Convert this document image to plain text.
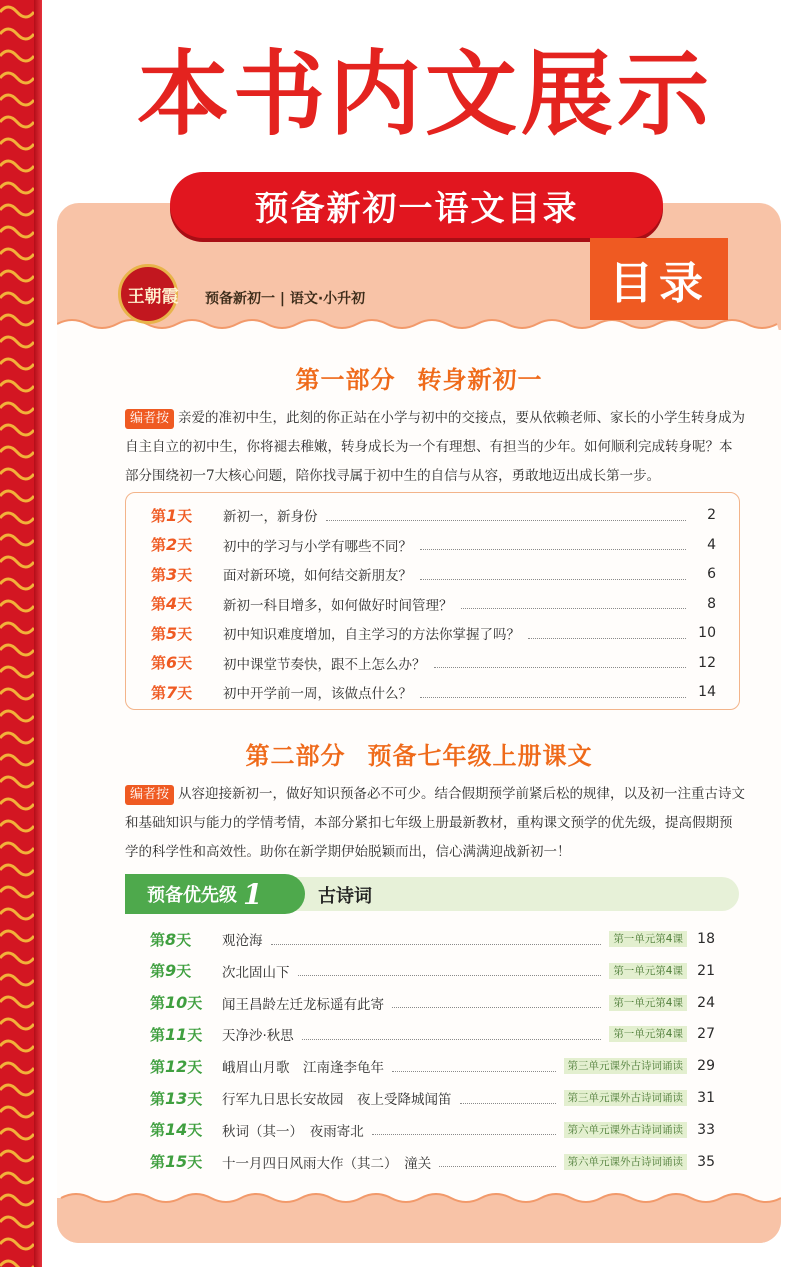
本书内文展示
预备新初一语文目录
王朝霞	预备新初一 | 语文·小升初	目录
第一部分 转身新初一
编者按 亲爱的准初中生，此刻的你正站在小学与初中的交接点，要从依赖老师、家长的小学生转身成为自主自立的初中生，你将褪去稚嫩，转身成长为一个有理想、有担当的少年。如何顺利完成转身呢？本部分围绕初一7大核心问题，陪你找寻属于初中生的自信与从容，勇敢地迈出成长第一步。
第1天	新初一，新身份	2
第2天	初中的学习与小学有哪些不同？	4
第3天	面对新环境，如何结交新朋友？	6
第4天	新初一科目增多，如何做好时间管理？	8
第5天	初中知识难度增加，自主学习的方法你掌握了吗？	10
第6天	初中课堂节奏快，跟不上怎么办？	12
第7天	初中开学前一周，该做点什么？	14
第二部分 预备七年级上册课文
编者按 从容迎接新初一，做好知识预备必不可少。结合假期预学前紧后松的规律，以及初一注重古诗文和基础知识与能力的学情考情，本部分紧扣七年级上册最新教材，重构课文预学的优先级，提高假期预学的科学性和高效性。助你在新学期伊始脱颖而出，信心满满迎战新初一！
预备优先级 1	古诗词
第8天	观沧海	第一单元第4课 18
第9天	次北固山下	第一单元第4课 21
第10天	闻王昌龄左迁龙标遥有此寄	第一单元第4课 24
第11天	天净沙·秋思	第一单元第4课 27
第12天	峨眉山月歌　江南逢李龟年	第三单元课外古诗词诵读 29
第13天	行军九日思长安故园　夜上受降城闻笛	第三单元课外古诗词诵读 31
第14天	秋词（其一）　夜雨寄北	第六单元课外古诗词诵读 33
第15天	十一月四日风雨大作（其二）　潼关	第六单元课外古诗词诵读 35
